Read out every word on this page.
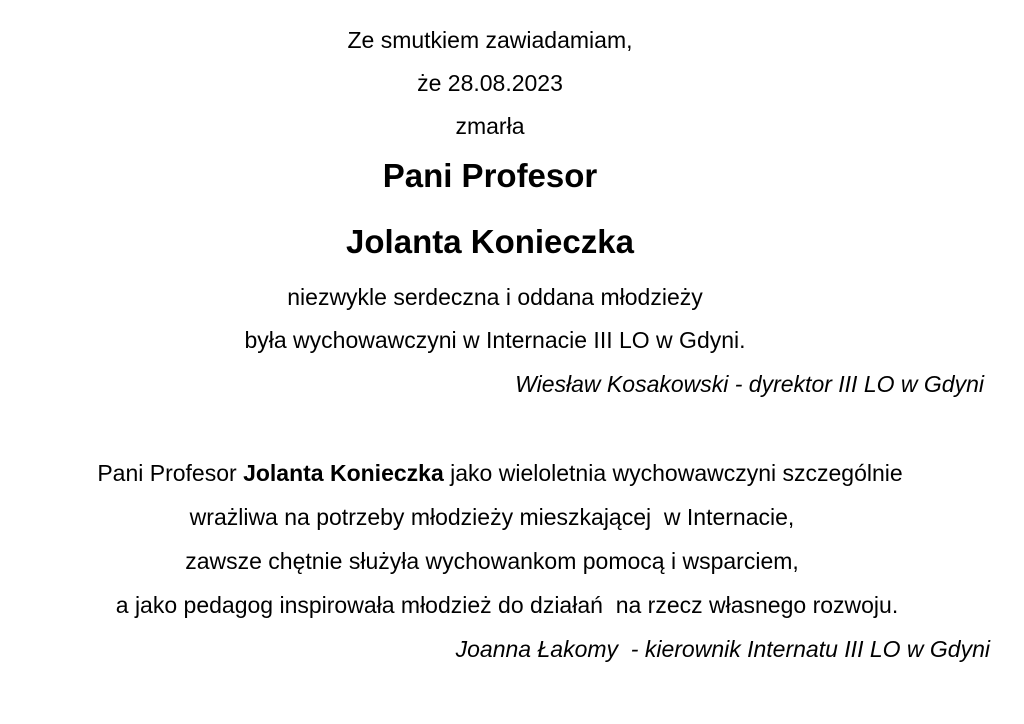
Ze smutkiem zawiadamiam,
że 28.08.2023
zmarła
Pani Profesor
Jolanta Konieczka
niezwykle serdeczna i oddana młodzieży
była wychowawczyni w Internacie III LO w Gdyni.
Wiesław Kosakowski - dyrektor III LO w Gdyni
Pani Profesor Jolanta Konieczka jako wieloletnia wychowawczyni szczególnie
wrażliwa na potrzeby młodzieży mieszkającej  w Internacie,
zawsze chętnie służyła wychowankom pomocą i wsparciem,
a jako pedagog inspirowała młodzież do działań  na rzecz własnego rozwoju.
Joanna Łakomy  - kierownik Internatu III LO w Gdyni
